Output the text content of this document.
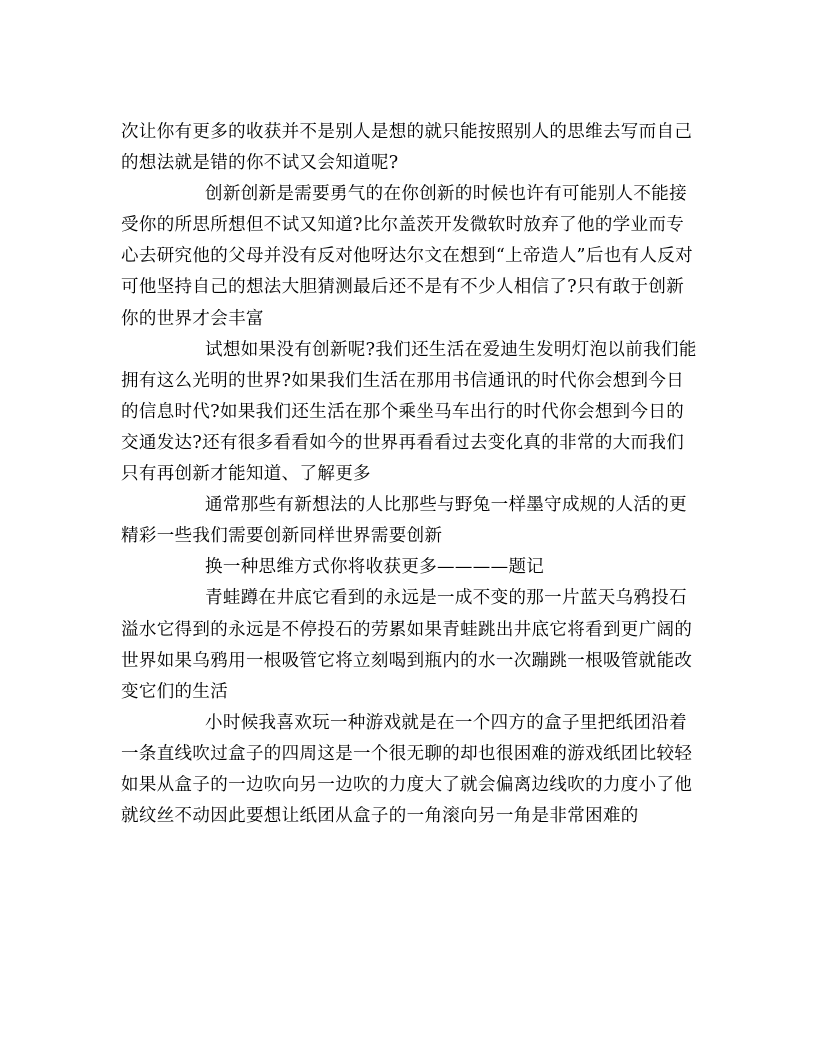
次让你有更多的收获并不是别人是想的就只能按照别人的思维去写而自己的想法就是错的你不试又会知道呢?

创新创新是需要勇气的在你创新的时候也许有可能别人不能接受你的所思所想但不试又知道?比尔盖茨开发微软时放弃了他的学业而专心去研究他的父母并没有反对他呀达尔文在想到“上帝造人”后也有人反对可他坚持自己的想法大胆猜测最后还不是有不少人相信了?只有敢于创新你的世界才会丰富

试想如果没有创新呢?我们还生活在爱迪生发明灯泡以前我们能拥有这么光明的世界?如果我们生活在那用书信通讯的时代你会想到今日的信息时代?如果我们还生活在那个乘坐马车出行的时代你会想到今日的交通发达?还有很多看看如今的世界再看看过去变化真的非常的大而我们只有再创新才能知道、了解更多

通常那些有新想法的人比那些与野兔一样墨守成规的人活的更精彩一些我们需要创新同样世界需要创新

换一种思维方式你将收获更多————题记

青蛙蹲在井底它看到的永远是一成不变的那一片蓝天乌鸦投石溢水它得到的永远是不停投石的劳累如果青蛙跳出井底它将看到更广阔的世界如果乌鸦用一根吸管它将立刻喝到瓶内的水一次蹦跳一根吸管就能改变它们的生活

小时候我喜欢玩一种游戏就是在一个四方的盒子里把纸团沿着一条直线吹过盒子的四周这是一个很无聊的却也很困难的游戏纸团比较轻如果从盒子的一边吹向另一边吹的力度大了就会偏离边线吹的力度小了他就纹丝不动因此要想让纸团从盒子的一角滚向另一角是非常困难的
